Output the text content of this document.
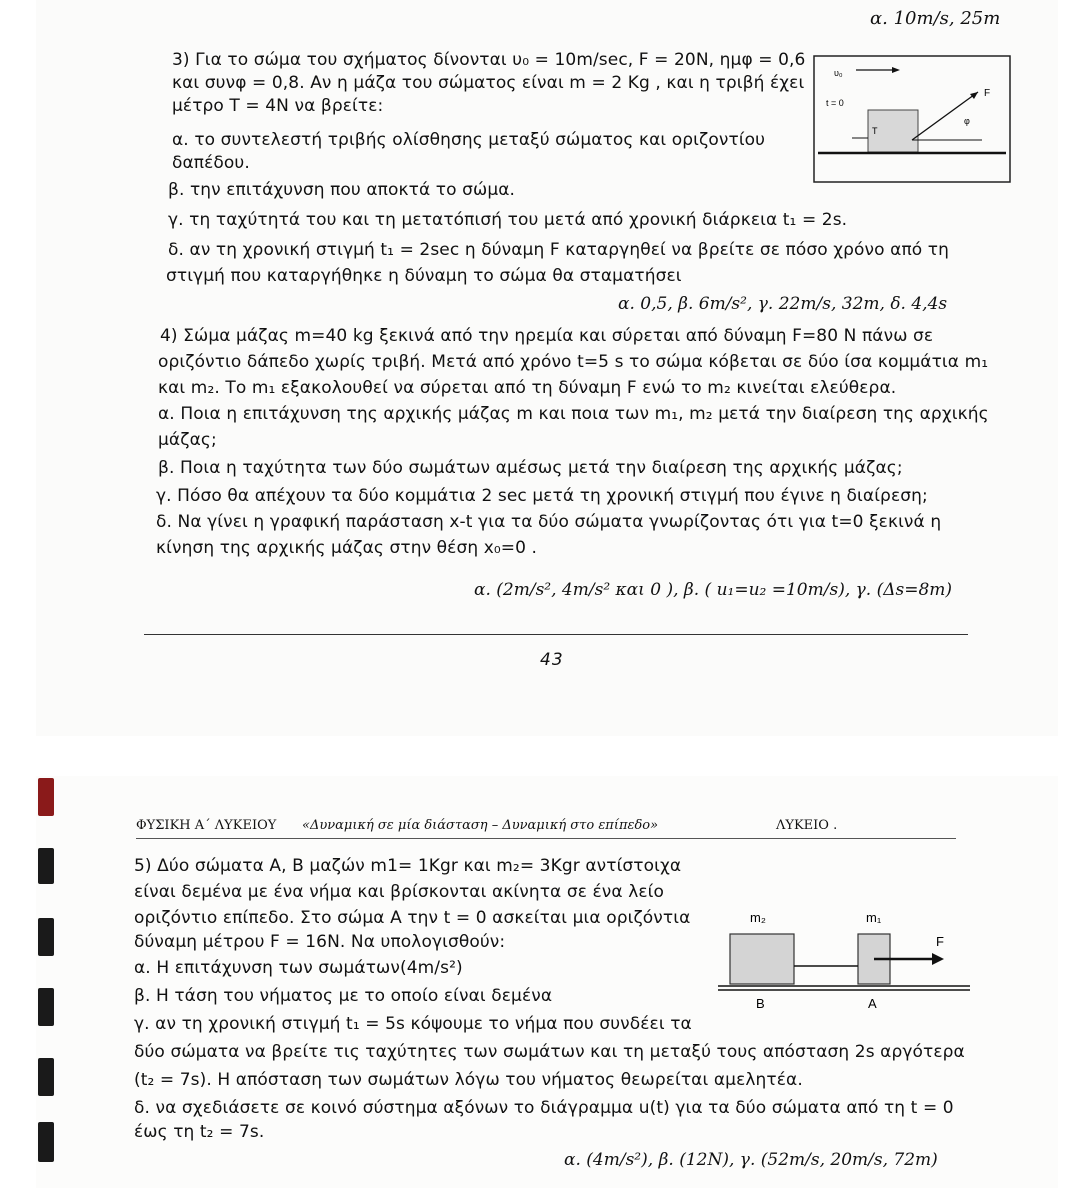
α. 10m/s, 25m
3) Για το σώμα του σχήματος δίνονται υ₀ = 10m/sec, F = 20N, ημφ = 0,6
και συνφ = 0,8. Αν η μάζα του σώματος είναι m = 2 Kg , και η τριβή έχει
μέτρο Τ = 4Ν να βρείτε:
α. το συντελεστή τριβής ολίσθησης μεταξύ σώματος και οριζοντίου
δαπέδου.
β. την επιτάχυνση που αποκτά το σώμα.
γ. τη ταχύτητά του και τη μετατόπισή του μετά από χρονική διάρκεια t₁ = 2s.
δ. αν τη χρονική στιγμή t₁ = 2sec η δύναμη F καταργηθεί να βρείτε σε πόσο χρόνο από τη
στιγμή που καταργήθηκε η δύναμη το σώμα θα σταματήσει
α. 0,5, β. 6m/s², γ. 22m/s, 32m, δ. 4,4s
υ₀
t = 0
F
φ
T
4) Σώμα μάζας m=40 kg ξεκινά από την ηρεμία και σύρεται από δύναμη F=80 N πάνω σε
οριζόντιο δάπεδο χωρίς τριβή. Μετά από χρόνο t=5 s το σώμα κόβεται σε δύο ίσα κομμάτια m₁
και m₂. Το m₁ εξακολουθεί να σύρεται από τη δύναμη F ενώ το m₂ κινείται ελεύθερα.
α. Ποια η επιτάχυνση της αρχικής μάζας m και ποια των m₁, m₂ μετά την διαίρεση της αρχικής
μάζας;
β. Ποια η ταχύτητα των δύο σωμάτων αμέσως μετά την διαίρεση της αρχικής μάζας;
γ. Πόσο θα απέχουν τα δύο κομμάτια 2 sec μετά τη χρονική στιγμή που έγινε η διαίρεση;
δ. Να γίνει η γραφική παράσταση x-t για τα δύο σώματα γνωρίζοντας ότι για t=0 ξεκινά η
κίνηση της αρχικής μάζας στην θέση x₀=0 .
α. (2m/s², 4m/s² και 0 ), β. ( u₁=u₂ =10m/s), γ. (Δs=8m)
43
ΦΥΣΙΚΗ Α΄ ΛΥΚΕΙΟΥ «Δυναμική σε μία διάσταση – Δυναμική στο επίπεδο»	ΛΥΚΕΙΟ .
5) Δύο σώματα Α, Β μαζών m1= 1Kgr και m₂= 3Kgr αντίστοιχα
είναι δεμένα με ένα νήμα και βρίσκονται ακίνητα σε ένα λείο
οριζόντιο επίπεδο. Στο σώμα Α την t = 0 ασκείται μια οριζόντια
δύναμη μέτρου F = 16N. Να υπολογισθούν:
α. Η επιτάχυνση των σωμάτων(4m/s²)
β. Η τάση του νήματος με το οποίο είναι δεμένα
γ. αν τη χρονική στιγμή t₁ = 5s κόψουμε το νήμα που συνδέει τα
δύο σώματα να βρείτε τις ταχύτητες των σωμάτων και τη μεταξύ τους απόσταση 2s αργότερα
(t₂ = 7s). Η απόσταση των σωμάτων λόγω του νήματος θεωρείται αμελητέα.
δ. να σχεδιάσετε σε κοινό σύστημα αξόνων το διάγραμμα u(t) για τα δύο σώματα από τη t = 0
έως τη t₂ = 7s.
α. (4m/s²), β. (12N), γ. (52m/s, 20m/s, 72m)
m₂	m₁
F
B	A
